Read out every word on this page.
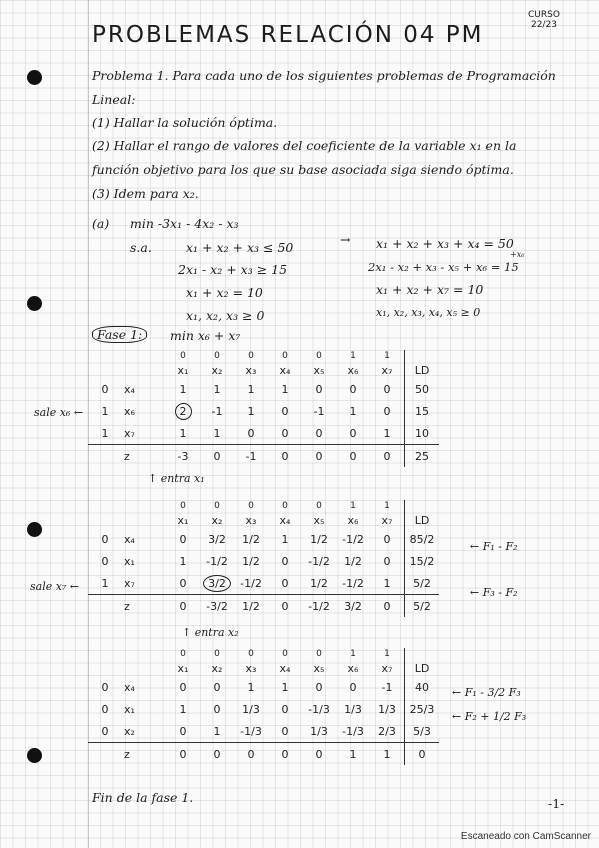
PROBLEMAS RELACIÓN 04 PM
CURSO
22/23
Problema 1. Para cada uno de los siguientes problemas de Programación
Lineal:
(1) Hallar la solución óptima.
(2) Hallar el rango de valores del coeficiente de la variable x₁ en la
función objetivo para los que su base asociada siga siendo óptima.
(3) Idem para x₂.
(a) min -3x₁ - 4x₂ - x₃
s.a.	x₁ + x₂ + x₃ ≤ 50
2x₁ - x₂ + x₃ ≥ 15
x₁ + x₂ = 10
x₁, x₂, x₃ ≥ 0
→ x₁ + x₂ + x₃ + x₄ = 50
+x₆
2x₁ - x₂ + x₃ - x₅ + x₆ = 15
x₁ + x₂ + x₇ = 10
x₁, x₂, x₃, x₄, x₅ ≥ 0
Fase 1:	min x₆ + x₇
		0	0	0	0	0	1	1	
		x₁	x₂	x₃	x₄	x₅	x₆	x₇	LD
0	x₄	1	1	1	1	0	0	0	50
1	x₆	2	-1	1	0	-1	1	0	15
1	x₇	1	1	0	0	0	0	1	10
	z	-3	0	-1	0	0	0	0	25
sale x₆ ←
↑ entra x₁
		0	0	0	0	0	1	1	
		x₁	x₂	x₃	x₄	x₅	x₆	x₇	LD
0	x₄	0	3/2	1/2	1	1/2	-1/2	0	85/2
0	x₁	1	-1/2	1/2	0	-1/2	1/2	0	15/2
1	x₇	0	3/2	-1/2	0	1/2	-1/2	1	5/2
	z	0	-3/2	1/2	0	-1/2	3/2	0	5/2
sale x₇ ←
↑ entra x₂
← F₁ - F₂
← F₃ - F₂
		0	0	0	0	0	1	1	
		x₁	x₂	x₃	x₄	x₅	x₆	x₇	LD
0	x₄	0	0	1	1	0	0	-1	40
0	x₁	1	0	1/3	0	-1/3	1/3	1/3	25/3
0	x₂	0	1	-1/3	0	1/3	-1/3	2/3	5/3
	z	0	0	0	0	0	1	1	0
← F₁ - 3/2 F₃
← F₂ + 1/2 F₃
Fin de la fase 1.	-1-
Escaneado con CamScanner
